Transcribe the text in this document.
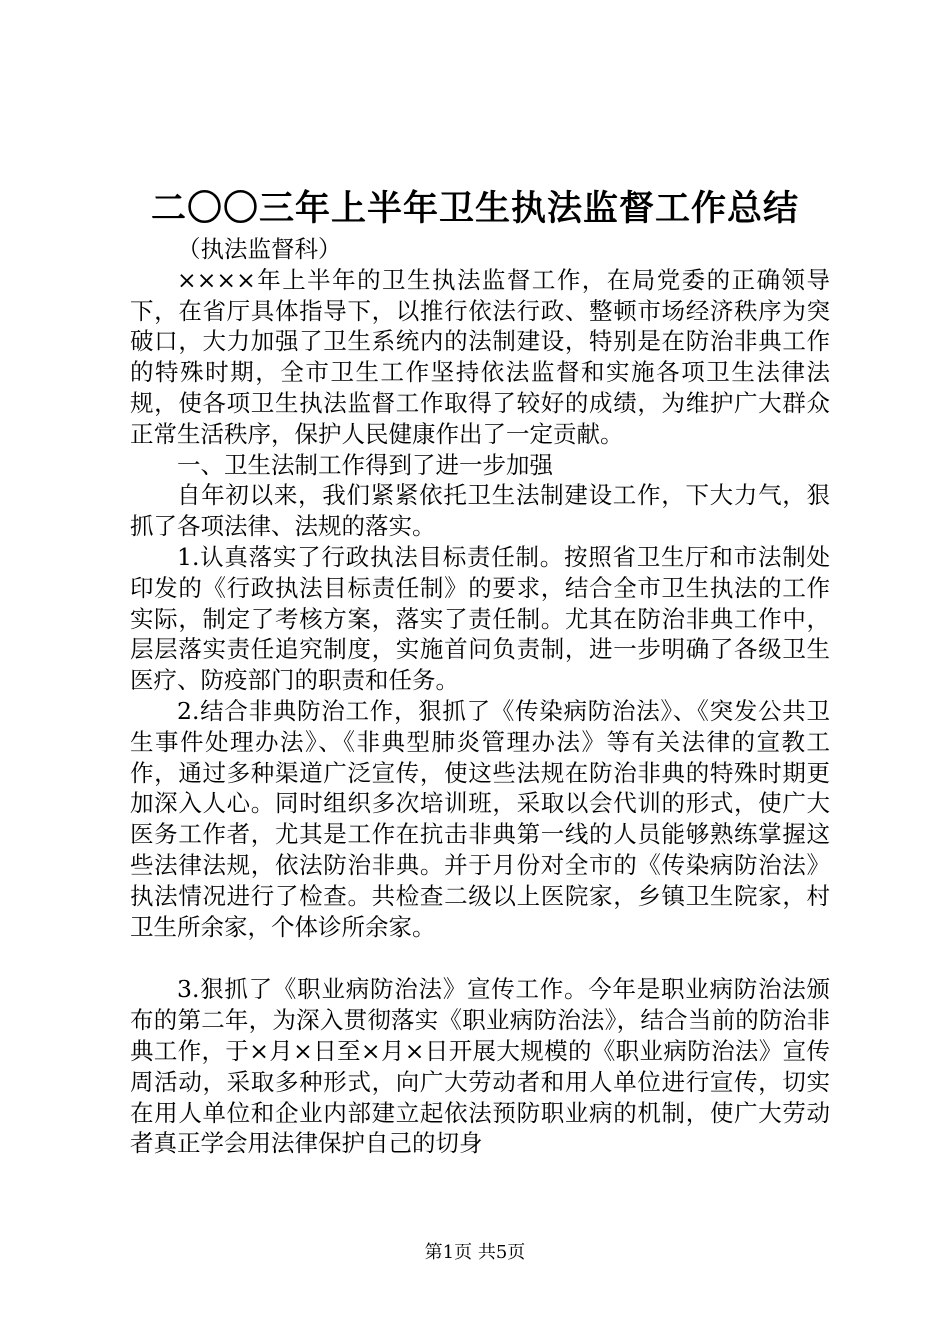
二〇〇三年上半年卫生执法监督工作总结

（执法监督科）

××××年上半年的卫生执法监督工作，在局党委的正确领导下，在省厅具体指导下，以推行依法行政、整顿市场经济秩序为突破口，大力加强了卫生系统内的法制建设，特别是在防治非典工作的特殊时期，全市卫生工作坚持依法监督和实施各项卫生法律法规，使各项卫生执法监督工作取得了较好的成绩，为维护广大群众正常生活秩序，保护人民健康作出了一定贡献。

一、卫生法制工作得到了进一步加强

自年初以来，我们紧紧依托卫生法制建设工作，下大力气，狠抓了各项法律、法规的落实。

1.认真落实了行政执法目标责任制。按照省卫生厅和市法制处印发的《行政执法目标责任制》的要求，结合全市卫生执法的工作实际，制定了考核方案，落实了责任制。尤其在防治非典工作中，层层落实责任追究制度，实施首问负责制，进一步明确了各级卫生医疗、防疫部门的职责和任务。

2.结合非典防治工作，狠抓了《传染病防治法》、《突发公共卫生事件处理办法》、《非典型肺炎管理办法》等有关法律的宣教工作，通过多种渠道广泛宣传，使这些法规在防治非典的特殊时期更加深入人心。同时组织多次培训班，采取以会代训的形式，使广大医务工作者，尤其是工作在抗击非典第一线的人员能够熟练掌握这些法律法规，依法防治非典。并于月份对全市的《传染病防治法》执法情况进行了检查。共检查二级以上医院家，乡镇卫生院家，村卫生所余家，个体诊所余家。

3.狠抓了《职业病防治法》宣传工作。今年是职业病防治法颁布的第二年，为深入贯彻落实《职业病防治法》，结合当前的防治非典工作，于×月×日至×月×日开展大规模的《职业病防治法》宣传周活动，采取多种形式，向广大劳动者和用人单位进行宣传，切实在用人单位和企业内部建立起依法预防职业病的机制，使广大劳动者真正学会用法律保护自己的切身

第1页 共5页
